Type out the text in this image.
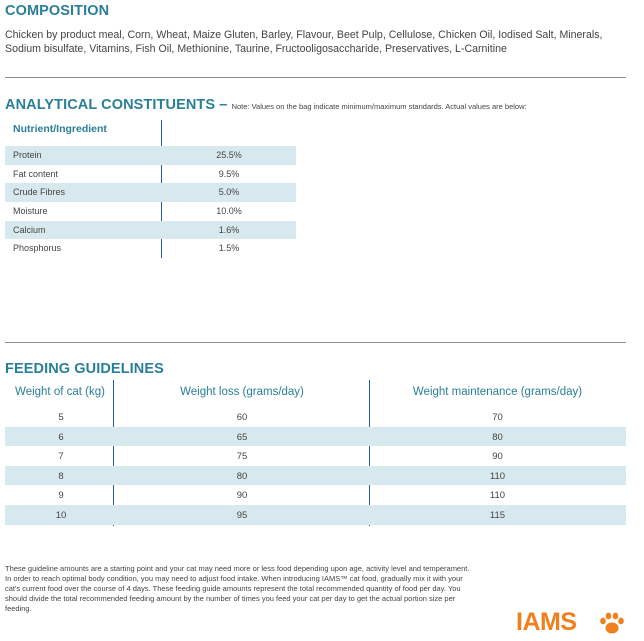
COMPOSITION
Chicken by product meal, Corn, Wheat, Maize Gluten, Barley, Flavour, Beet Pulp, Cellulose, Chicken Oil, Iodised Salt, Minerals, Sodium bisulfate, Vitamins, Fish Oil, Methionine, Taurine, Fructooligosaccharide, Preservatives, L-Carnitine
ANALYTICAL CONSTITUENTS – Note: Values on the bag indicate minimum/maximum standards. Actual values are below:
Nutrient/Ingredient
Protein	25.5%
Fat content	9.5%
Crude Fibres	5.0%
Moisture	10.0%
Calcium	1.6%
Phosphorus	1.5%
FEEDING GUIDELINES
Weight of cat (kg)	Weight loss (grams/day)	Weight maintenance (grams/day)
5	60	70
6	65	80
7	75	90
8	80	110
9	90	110
10	95	115
These guideline amounts are a starting point and your cat may need more or less food depending upon age, activity level and temperament. In order to reach optimal body condition, you may need to adjust food intake. When introducing IAMS™ cat food, gradually mix it with your cat's current food over the course of 4 days. These feeding guide amounts represent the total recommended quantity of food per day. You should divide the total recommended feeding amount by the number of times you feed your cat per day to get the actual portion size per feeding.	IAMS
